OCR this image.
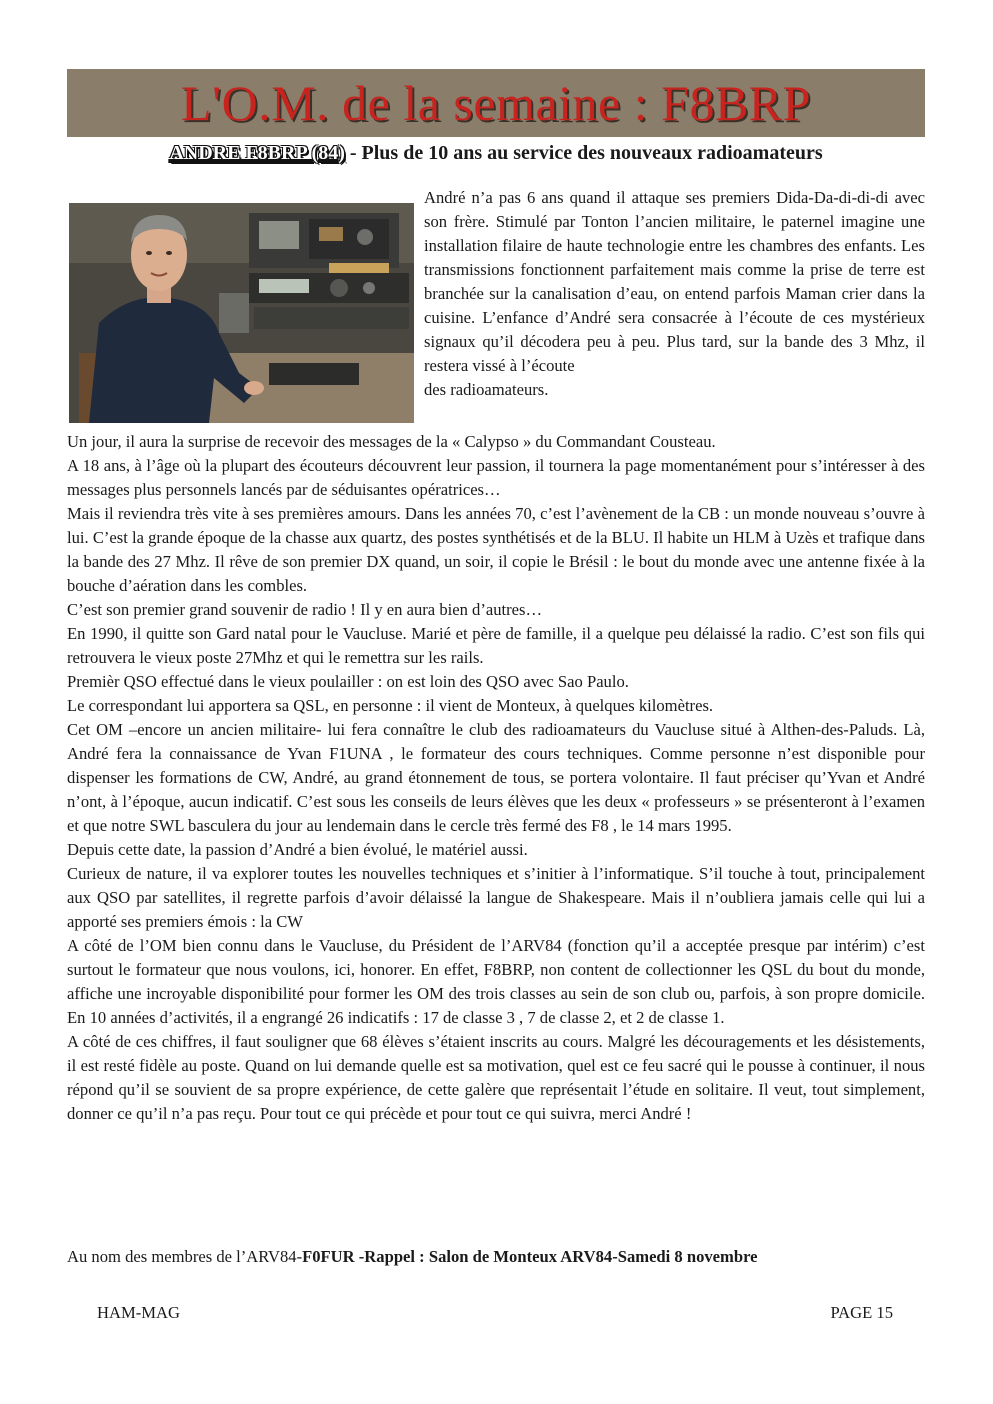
L'O.M. de la semaine : F8BRP
ANDRE F8BRP (84) - Plus de 10 ans au service des nouveaux radioamateurs

André n’a pas 6 ans quand il attaque ses premiers Dida-Da-di-di-di avec son frère. Stimulé par Tonton l’ancien militaire, le paternel imagine une installation filaire de haute technologie entre les chambres des enfants. Les transmissions fonctionnent parfaitement mais comme la prise de terre est branchée sur la canalisation d’eau, on entend parfois Maman crier dans la cuisine. L’enfance d’André sera consacrée à l’écoute de ces mystérieux signaux qu’il décodera peu à peu. Plus tard, sur la bande des 3 Mhz, il restera vissé à l’écoute

des radioamateurs.

Un jour, il aura la surprise de recevoir des messages de la « Calypso » du Commandant Cousteau.

A 18 ans, à l’âge où la plupart des écouteurs découvrent leur passion, il tournera la page momentanément pour s’intéresser à des messages plus personnels lancés par de séduisantes opératrices…

Mais il reviendra très vite à ses premières amours. Dans les années 70, c’est l’avènement de la CB : un monde nouveau s’ouvre à lui. C’est la grande époque de la chasse aux quartz, des postes synthétisés et de la BLU. Il habite un HLM à Uzès et trafique dans la bande des 27 Mhz. Il rêve de son premier DX quand, un soir, il copie le Brésil : le bout du monde avec une antenne fixée à la bouche d’aération dans les combles.

C’est son premier grand souvenir de radio ! Il y en aura bien d’autres…

En 1990, il quitte son Gard natal pour le Vaucluse. Marié et père de famille, il a quelque peu délaissé la radio. C’est son fils qui retrouvera le vieux poste 27Mhz et qui le remettra sur les rails.

Premièr QSO effectué dans le vieux poulailler : on est loin des QSO avec Sao Paulo.

Le correspondant lui apportera sa QSL, en personne : il vient de Monteux, à quelques kilomètres.

Cet OM –encore un ancien militaire- lui fera connaître le club des radioamateurs du Vaucluse situé à Althen-des-Paluds. Là, André fera la connaissance de Yvan F1UNA , le formateur des cours techniques. Comme personne n’est disponible pour dispenser les formations de CW, André, au grand étonnement de tous, se portera volontaire. Il faut préciser qu’Yvan et André n’ont, à l’époque, aucun indicatif. C’est sous les conseils de leurs élèves que les deux « professeurs » se présenteront à l’examen et que notre SWL basculera du jour au lendemain dans le cercle très fermé des F8 , le 14 mars 1995.

Depuis cette date, la passion d’André a bien évolué, le matériel aussi.

Curieux de nature, il va explorer toutes les nouvelles techniques et s’initier à l’informatique. S’il touche à tout, principalement aux QSO par satellites, il regrette parfois d’avoir délaissé la langue de Shakespeare. Mais il n’oubliera jamais celle qui lui a apporté ses premiers émois : la CW

A côté de l’OM bien connu dans le Vaucluse, du Président de l’ARV84 (fonction qu’il a acceptée presque par intérim) c’est surtout le formateur que nous voulons, ici, honorer. En effet, F8BRP, non content de collectionner les QSL du bout du monde, affiche une incroyable disponibilité pour former les OM des trois classes au sein de son club ou, parfois, à son propre domicile. En 10 années d’activités, il a engrangé 26 indicatifs : 17 de classe 3 , 7 de classe 2, et 2 de classe 1.

A côté de ces chiffres, il faut souligner que 68 élèves s’étaient inscrits au cours. Malgré les découragements et les désistements, il est resté fidèle au poste. Quand on lui demande quelle est sa motivation, quel est ce feu sacré qui le pousse à continuer, il nous répond qu’il se souvient de sa propre expérience, de cette galère que représentait l’étude en solitaire. Il veut, tout simplement, donner ce qu’il n’a pas reçu. Pour tout ce qui précède et pour tout ce qui suivra, merci André !

Au nom des membres de l’ARV84-F0FUR -Rappel : Salon de Monteux ARV84-Samedi 8 novembre
HAM-MAG	PAGE 15
